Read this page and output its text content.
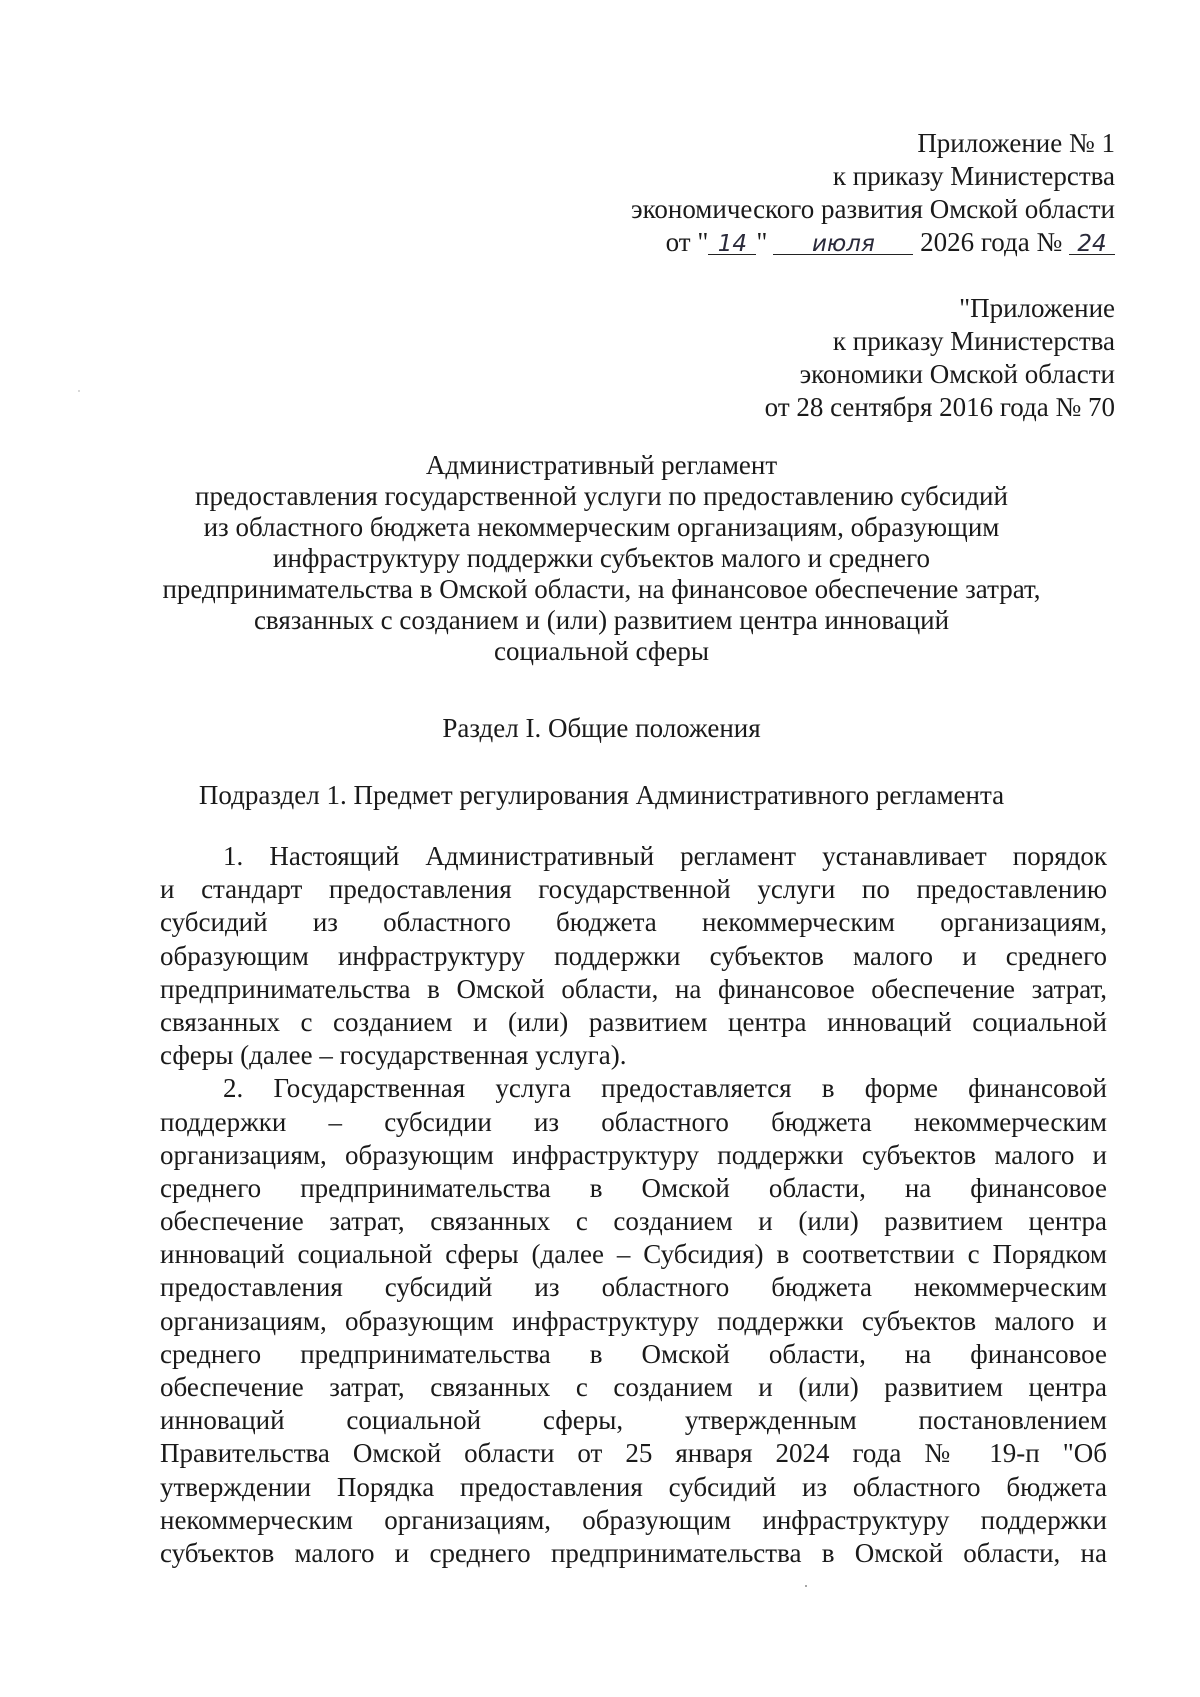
Приложение № 1
к приказу Министерства
экономического развития Омской области
от " 14 " июля 2026 года № 24
"Приложение
к приказу Министерства
экономики Омской области
от 28 сентября 2016 года № 70
Административный регламент
предоставления государственной услуги по предоставлению субсидий
из областного бюджета некоммерческим организациям, образующим
инфраструктуру поддержки субъектов малого и среднего
предпринимательства в Омской области, на финансовое обеспечение затрат,
связанных с созданием и (или) развитием центра инноваций
социальной сферы
Раздел I. Общие положения
Подраздел 1. Предмет регулирования Административного регламента
1. Настоящий Административный регламент устанавливает порядок
и стандарт предоставления государственной услуги по предоставлению
субсидий из областного бюджета некоммерческим организациям,
образующим инфраструктуру поддержки субъектов малого и среднего
предпринимательства в Омской области, на финансовое обеспечение затрат,
связанных с созданием и (или) развитием центра инноваций социальной
сферы (далее – государственная услуга).
2. Государственная услуга предоставляется в форме финансовой
поддержки – субсидии из областного бюджета некоммерческим
организациям, образующим инфраструктуру поддержки субъектов малого и
среднего предпринимательства в Омской области, на финансовое
обеспечение затрат, связанных с созданием и (или) развитием центра
инноваций социальной сферы (далее – Субсидия) в соответствии с Порядком
предоставления субсидий из областного бюджета некоммерческим
организациям, образующим инфраструктуру поддержки субъектов малого и
среднего предпринимательства в Омской области, на финансовое
обеспечение затрат, связанных с созданием и (или) развитием центра
инноваций социальной сферы, утвержденным постановлением
Правительства Омской области от 25 января 2024 года № 19-п "Об
утверждении Порядка предоставления субсидий из областного бюджета
некоммерческим организациям, образующим инфраструктуру поддержки
субъектов малого и среднего предпринимательства в Омской области, на
